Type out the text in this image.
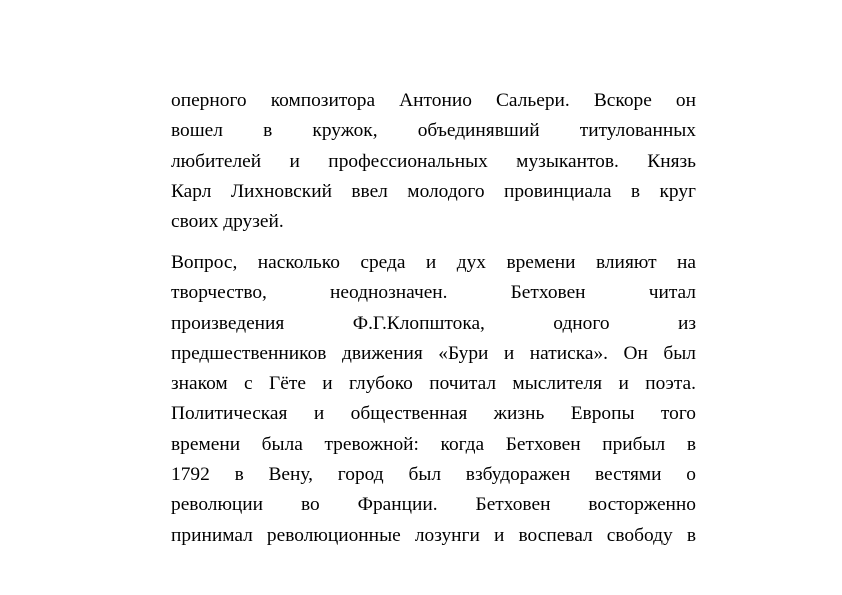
оперного композитора Антонио Сальери. Вскоре он
вошел в кружок, объединявший титулованных
любителей и профессиональных музыкантов. Князь
Карл Лихновский ввел молодого провинциала в круг
своих друзей.
Вопрос, насколько среда и дух времени влияют на
творчество, неоднозначен. Бетховен читал
произведения Ф.Г.Клопштока, одного из
предшественников движения «Бури и натиска». Он был
знаком с Гёте и глубоко почитал мыслителя и поэта.
Политическая и общественная жизнь Европы того
времени была тревожной: когда Бетховен прибыл в
1792 в Вену, город был взбудоражен вестями о
революции во Франции. Бетховен восторженно
принимал революционные лозунги и воспевал свободу в
